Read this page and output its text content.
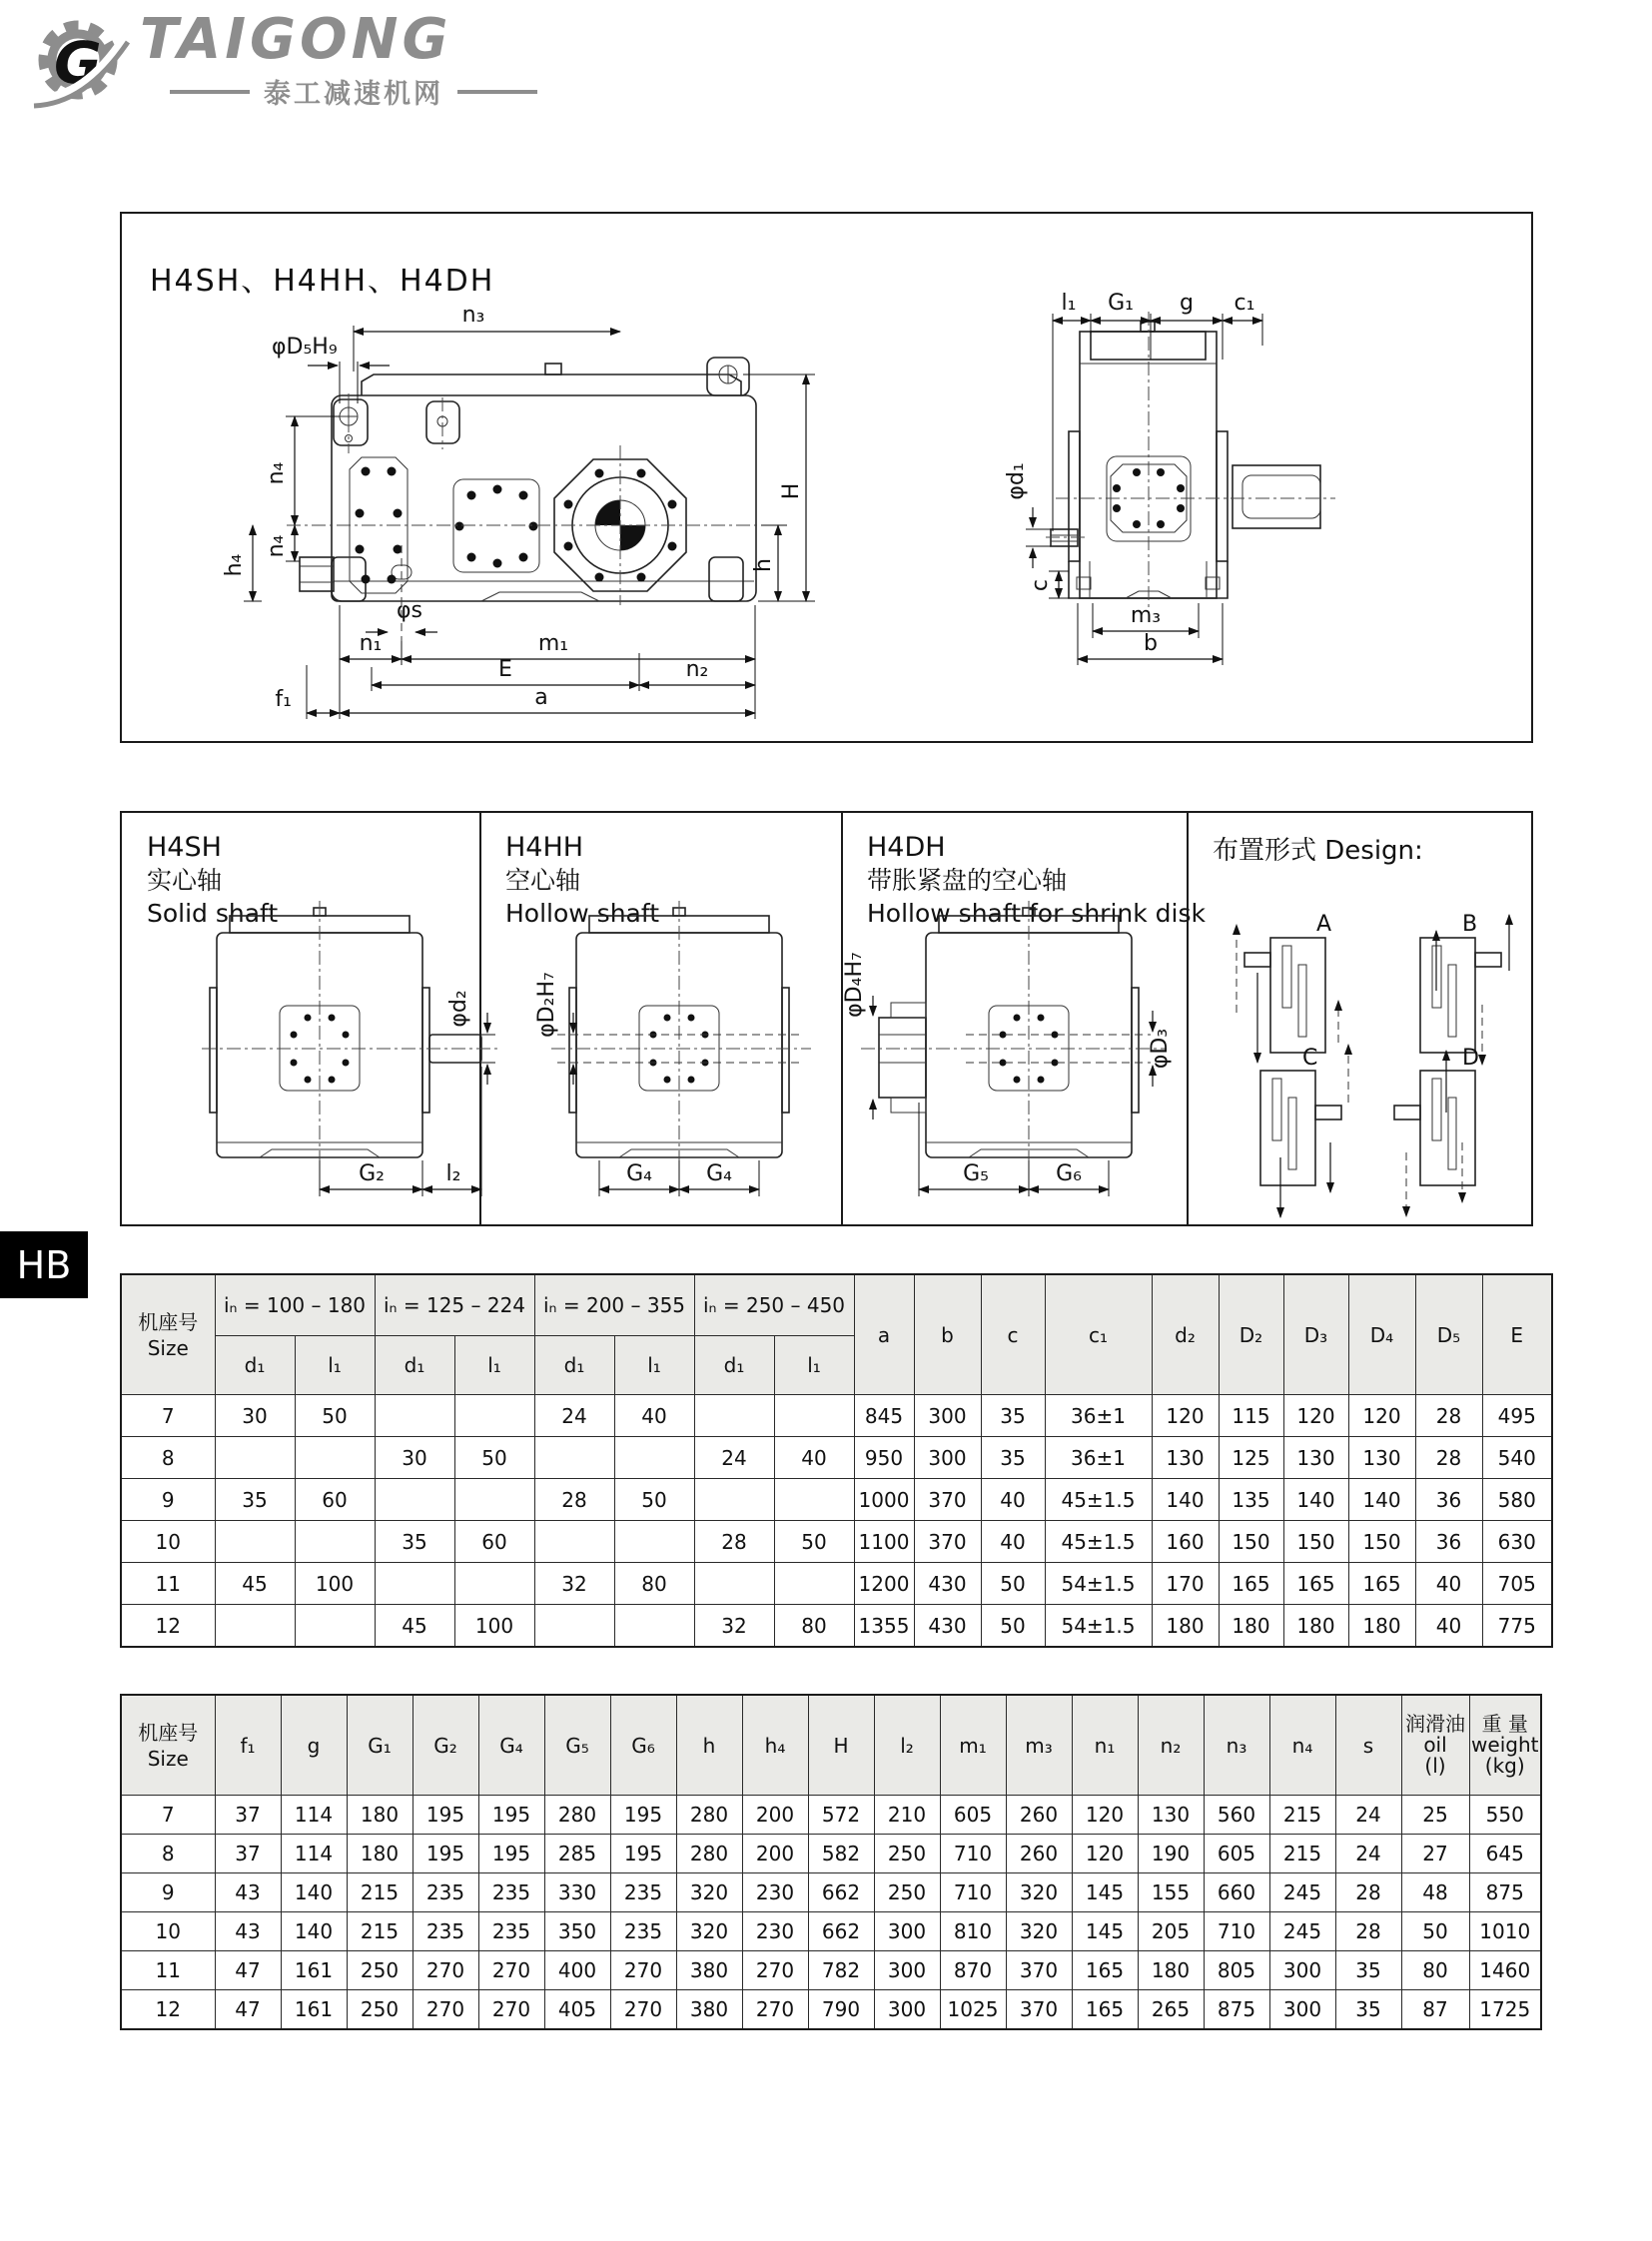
G TAIGONG
泰工减速机网
H4SH、H4HH、H4DH
n₃
φD₅H₉
n₄
n₄
h₄
H
h
φs
n₁	m₁
E	n₂
f₁	a
l₁ G₁ g c₁
φd₁
c
m₃
b
H4SH
实心轴
Solid shaft
H4HH
空心轴
Hollow shaft
H4DH
带胀紧盘的空心轴
Hollow shaft for shrink disk
布置形式 Design:
φd₂
G₂	l₂
φD₂H₇
G₄ G₄
φD₄H₇
φD₃
G₅	G₆
A	B
C	D
HB
机座号
Size	iₙ = 100 – 180		iₙ = 125 – 224		iₙ = 200 – 355		iₙ = 250 – 450		a	b	c	c₁	d₂	D₂	D₃	D₄	D₅	E
	d₁	l₁	d₁	l₁	d₁	l₁	d₁	l₁										
7	30	50			24	40			845	300	35	36±1	120	115	120	120	28	495
8			30	50			24	40	950	300	35	36±1	130	125	130	130	28	540
9	35	60			28	50			1000	370	40	45±1.5	140	135	140	140	36	580
10			35	60			28	50	1100	370	40	45±1.5	160	150	150	150	36	630
11	45	100			32	80			1200	430	50	54±1.5	170	165	165	165	40	705
12			45	100			32	80	1355	430	50	54±1.5	180	180	180	180	40	775
机座号
Size
	f₁	g	G₁	G₂	G₄	G₅	G₆	h	h₄	H	l₂	m₁	m₃	n₁	n₂	n₃	n₄	s	
润滑油
oil
(l)

重 量
weight
(kg)

7	37	114	180	195	195	280	195	280	200	572	210	605	260	120	130	560	215	24	25	550
8	37	114	180	195	195	285	195	280	200	582	250	710	260	120	190	605	215	24	27	645
9	43	140	215	235	235	330	235	320	230	662	250	710	320	145	155	660	245	28	48	875
10	43	140	215	235	235	350	235	320	230	662	300	810	320	145	205	710	245	28	50	1010
11	47	161	250	270	270	400	270	380	270	782	300	870	370	165	180	805	300	35	80	1460
12	47	161	250	270	270	405	270	380	270	790	300	1025	370	165	265	875	300	35	87	1725
